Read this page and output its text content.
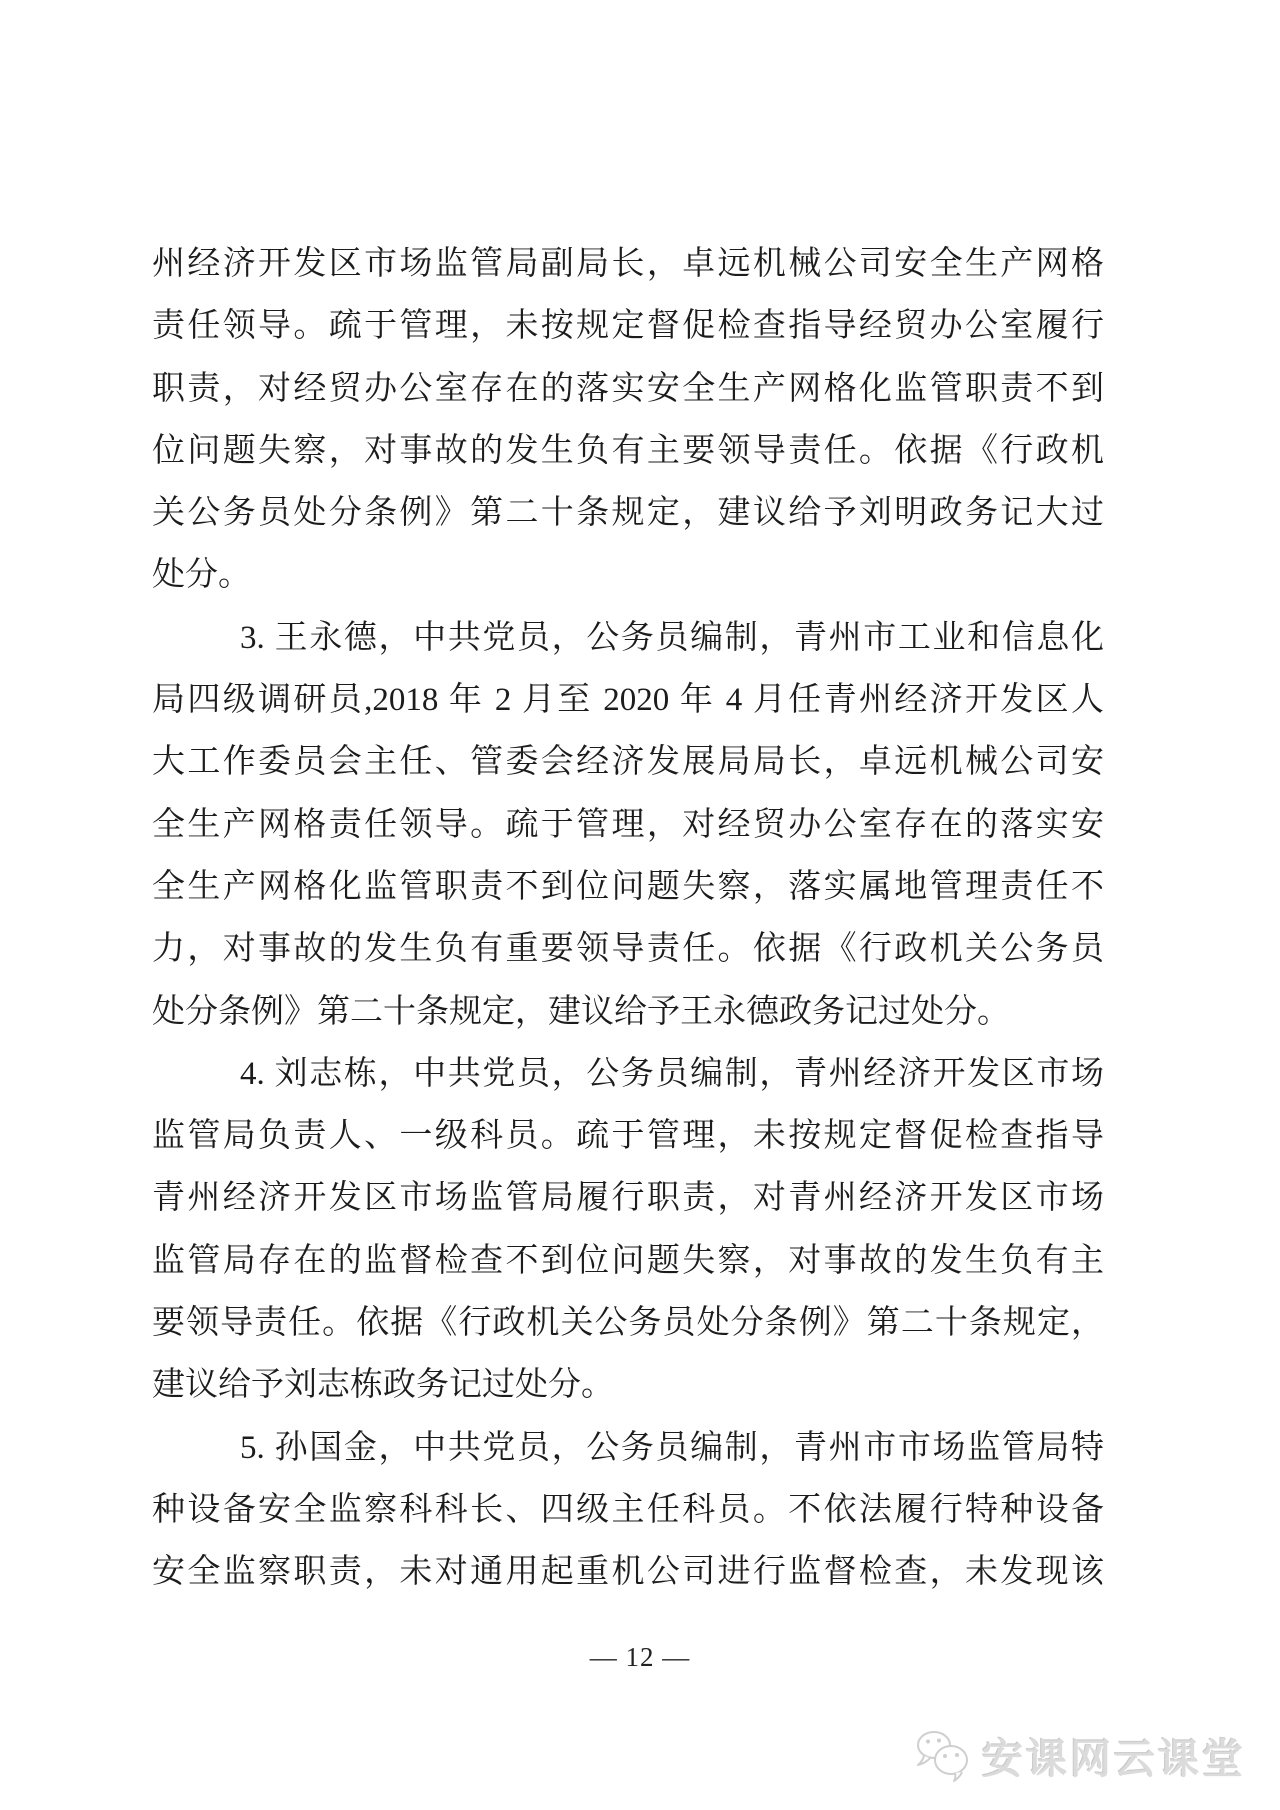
州经济开发区市场监管局副局长，卓远机械公司安全生产网格
责任领导。疏于管理，未按规定督促检查指导经贸办公室履行
职责，对经贸办公室存在的落实安全生产网格化监管职责不到
位问题失察，对事故的发生负有主要领导责任。依据《行政机
关公务员处分条例》第二十条规定，建议给予刘明政务记大过
处分。

3. 王永德，中共党员，公务员编制，青州市工业和信息化
局四级调研员,2018 年 2 月至 2020 年 4 月任青州经济开发区人
大工作委员会主任、管委会经济发展局局长，卓远机械公司安
全生产网格责任领导。疏于管理，对经贸办公室存在的落实安
全生产网格化监管职责不到位问题失察，落实属地管理责任不
力，对事故的发生负有重要领导责任。依据《行政机关公务员
处分条例》第二十条规定，建议给予王永德政务记过处分。

4. 刘志栋，中共党员，公务员编制，青州经济开发区市场
监管局负责人、一级科员。疏于管理，未按规定督促检查指导
青州经济开发区市场监管局履行职责，对青州经济开发区市场
监管局存在的监督检查不到位问题失察，对事故的发生负有主
要领导责任。依据《行政机关公务员处分条例》第二十条规定，
建议给予刘志栋政务记过处分。

5. 孙国金，中共党员，公务员编制，青州市市场监管局特
种设备安全监察科科长、四级主任科员。不依法履行特种设备
安全监察职责，未对通用起重机公司进行监督检查，未发现该

— 12 —
安课网云课堂
